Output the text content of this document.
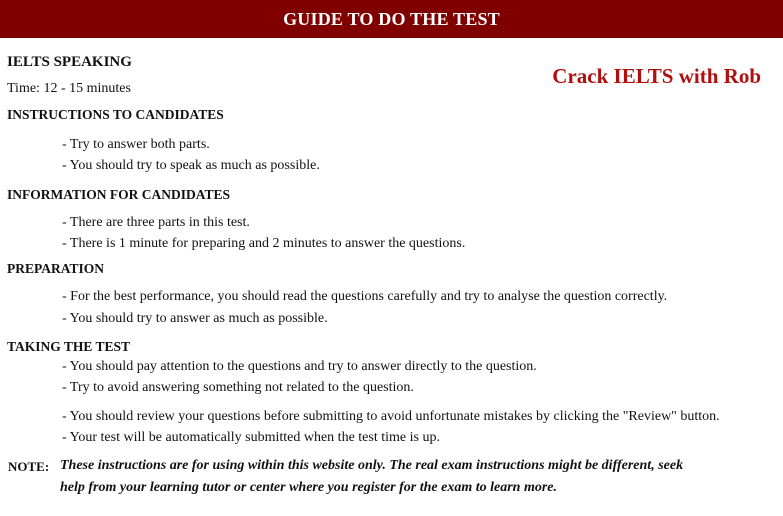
GUIDE TO DO THE TEST
Crack IELTS with Rob
IELTS SPEAKING
Time: 12 - 15 minutes
INSTRUCTIONS TO CANDIDATES
- Try to answer both parts.
- You should try to speak as much as possible.
INFORMATION FOR CANDIDATES
- There are three parts in this test.
- There is 1 minute for preparing and 2 minutes to answer the questions.
PREPARATION
- For the best performance, you should read the questions carefully and try to analyse the question correctly.
- You should try to answer as much as possible.
TAKING THE TEST
- You should pay attention to the questions and try to answer directly to the question.
- Try to avoid answering something not related to the question.
- You should review your questions before submitting to avoid unfortunate mistakes by clicking the "Review" button.
- Your test will be automatically submitted when the test time is up.
NOTE: These instructions are for using within this website only. The real exam instructions might be different, seek
help from your learning tutor or center where you register for the exam to learn more.
